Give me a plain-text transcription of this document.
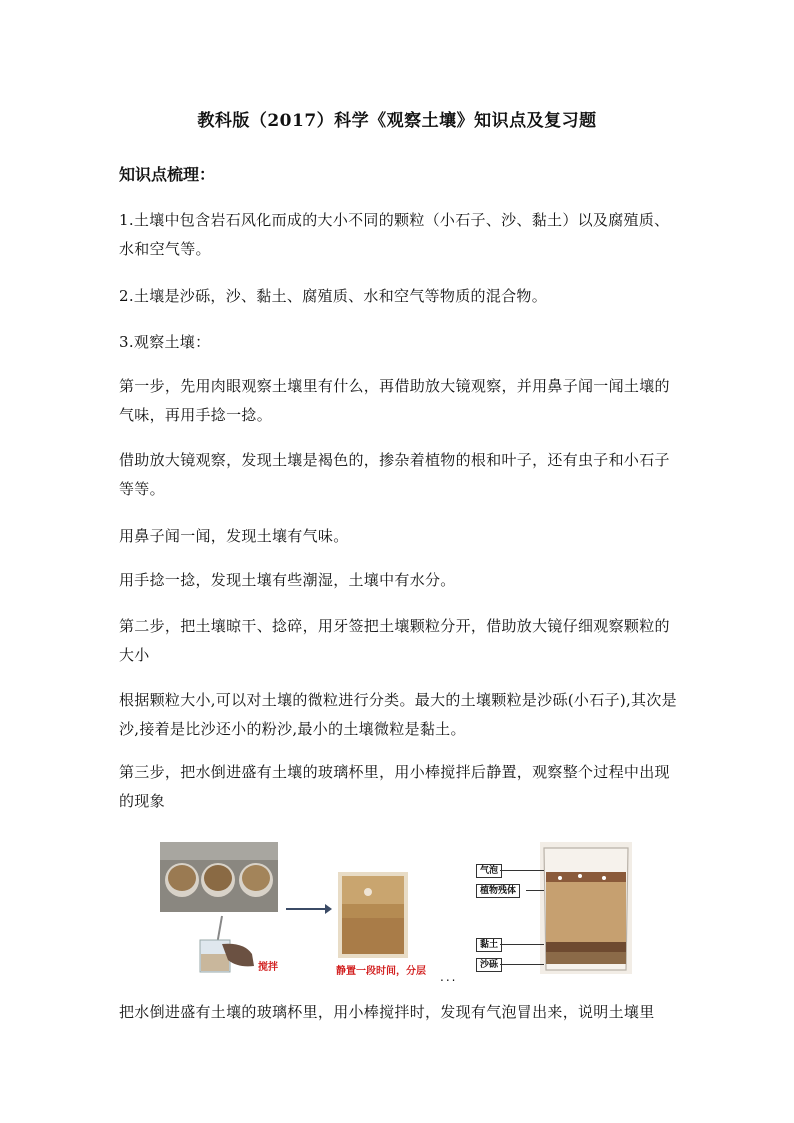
教科版（2017）科学《观察土壤》知识点及复习题
知识点梳理：
1.土壤中包含岩石风化而成的大小不同的颗粒（小石子、沙、黏土）以及腐殖质、水和空气等。
2.土壤是沙砾，沙、黏土、腐殖质、水和空气等物质的混合物。
3.观察土壤：
第一步，先用肉眼观察土壤里有什么，再借助放大镜观察，并用鼻子闻一闻土壤的气味，再用手捻一捻。
借助放大镜观察，发现土壤是褐色的，掺杂着植物的根和叶子，还有虫子和小石子等等。
用鼻子闻一闻，发现土壤有气味。
用手捻一捻，发现土壤有些潮湿，土壤中有水分。
第二步，把土壤晾干、捻碎，用牙签把土壤颗粒分开，借助放大镜仔细观察颗粒的大小
根据颗粒大小,可以对土壤的微粒进行分类。最大的土壤颗粒是沙砾(小石子),其次是沙,接着是比沙还小的粉沙,最小的土壤微粒是黏土。
第三步，把水倒进盛有土壤的玻璃杯里，用小棒搅拌后静置，观察整个过程中出现的现象
搅拌	静置一段时间，分层 ...
气泡
植物残体
黏土
沙砾
把水倒进盛有土壤的玻璃杯里，用小棒搅拌时，发现有气泡冒出来，说明土壤里
